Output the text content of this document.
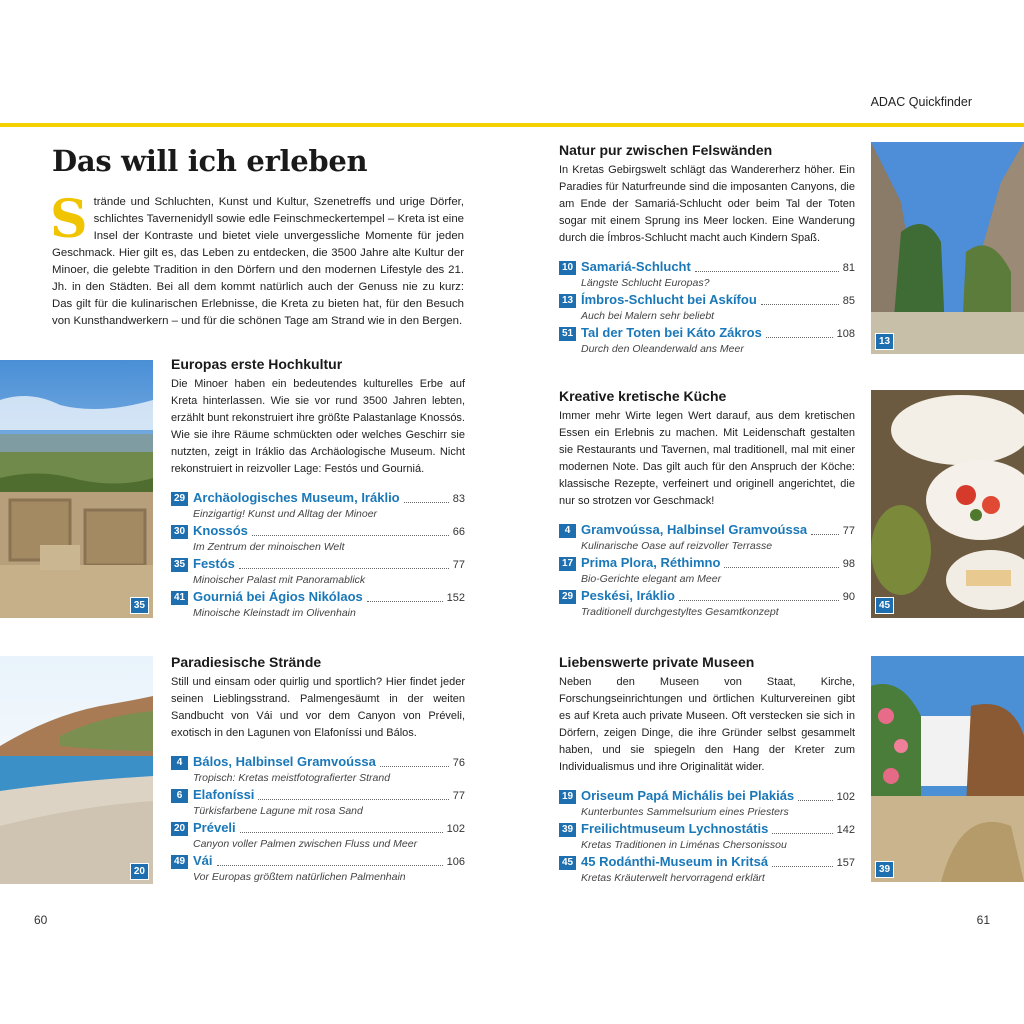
ADAC Quickfinder
Das will ich erleben
Strände und Schluchten, Kunst und Kultur, Szenetreffs und urige Dörfer, schlichtes Tavernenidyll sowie edle Feinschmeckertempel – Kreta ist eine Insel der Kontraste und bietet viele unvergessliche Momente für jeden Geschmack. Hier gilt es, das Leben zu entdecken, die 3500 Jahre alte Kultur der Minoer, die gelebte Tradition in den Dörfern und den modernen Lifestyle des 21. Jh. in den Städten. Bei all dem kommt natürlich auch der Genuss nie zu kurz: Das gilt für die kulinarischen Erlebnisse, die Kreta zu bieten hat, für den Besuch von Kunsthandwerkern – und für die schönen Tage am Strand wie in den Bergen.
35
20
13
45
39
Europas erste Hochkultur

Die Minoer haben ein bedeutendes kulturelles Erbe auf Kreta hinterlassen. Wie sie vor rund 3500 Jahren lebten, erzählt bunt rekonstruiert ihre größte Palastanlage Knossós. Wie sie ihre Räume schmückten oder welches Geschirr sie nutzten, zeigt in Iráklio das Archäologische Museum. Nicht rekonstruiert in reizvoller Lage: Festós und Gourniá.

29 Archäologisches Museum, Iráklio	83
Einzigartig! Kunst und Alltag der Minoer
30 Knossós	66
Im Zentrum der minoischen Welt
35 Festós	77
Minoischer Palast mit Panoramablick
41 Gourniá bei Ágios Nikólaos	152
Minoische Kleinstadt im Olivenhain
Paradiesische Strände

Still und einsam oder quirlig und sportlich? Hier findet jeder seinen Lieblingsstrand. Palmengesäumt in der weiten Sandbucht von Vái und vor dem Canyon von Préveli, exotisch in den Lagunen von Elafoníssi und Bálos.

4 Bálos, Halbinsel Gramvoússa	76
Tropisch: Kretas meistfotografierter Strand
6 Elafoníssi	77
Türkisfarbene Lagune mit rosa Sand
20 Préveli	102
Canyon voller Palmen zwischen Fluss und Meer
49 Vái	106
Vor Europas größtem natürlichen Palmenhain
Natur pur zwischen Felswänden

In Kretas Gebirgswelt schlägt das Wandererherz höher. Ein Paradies für Naturfreunde sind die imposanten Canyons, die am Ende der Samariá-Schlucht oder beim Tal der Toten sogar mit einem Sprung ins Meer locken. Eine Wanderung durch die Ímbros-Schlucht macht auch Kindern Spaß.

10 Samariá-Schlucht	81
Längste Schlucht Europas?
13 Ímbros-Schlucht bei Askífou	85
Auch bei Malern sehr beliebt
51 Tal der Toten bei Káto Zákros	108
Durch den Oleanderwald ans Meer
Kreative kretische Küche

Immer mehr Wirte legen Wert darauf, aus dem kretischen Essen ein Erlebnis zu machen. Mit Leidenschaft gestalten sie Restaurants und Tavernen, mal traditionell, mal mit einer modernen Note. Das gilt auch für den Anspruch der Köche: klassische Rezepte, verfeinert und originell angerichtet, die nur so strotzen vor Geschmack!

4 Gramvoússa, Halbinsel Gramvoússa	77
Kulinarische Oase auf reizvoller Terrasse
17 Prima Plora, Réthimno	98
Bio-Gerichte elegant am Meer
29 Peskési, Iráklio	90
Traditionell durchgestyltes Gesamtkonzept
Liebenswerte private Museen

Neben den Museen von Staat, Kirche, Forschungseinrichtungen und örtlichen Kulturvereinen gibt es auf Kreta auch private Museen. Oft verstecken sie sich in Dörfern, zeigen Dinge, die ihre Gründer selbst gesammelt haben, und sie spiegeln den Hang der Kreter zum Individualismus und ihre Originalität wider.

19 Oriseum Papá Michális bei Plakiás	102
Kunterbuntes Sammelsurium eines Priesters
39 Freilichtmuseum Lychnostátis	142
Kretas Traditionen in Liménas Chersonissou
45 45 Rodánthi-Museum in Kritsá	157
Kretas Kräuterwelt hervorragend erklärt
60	61
